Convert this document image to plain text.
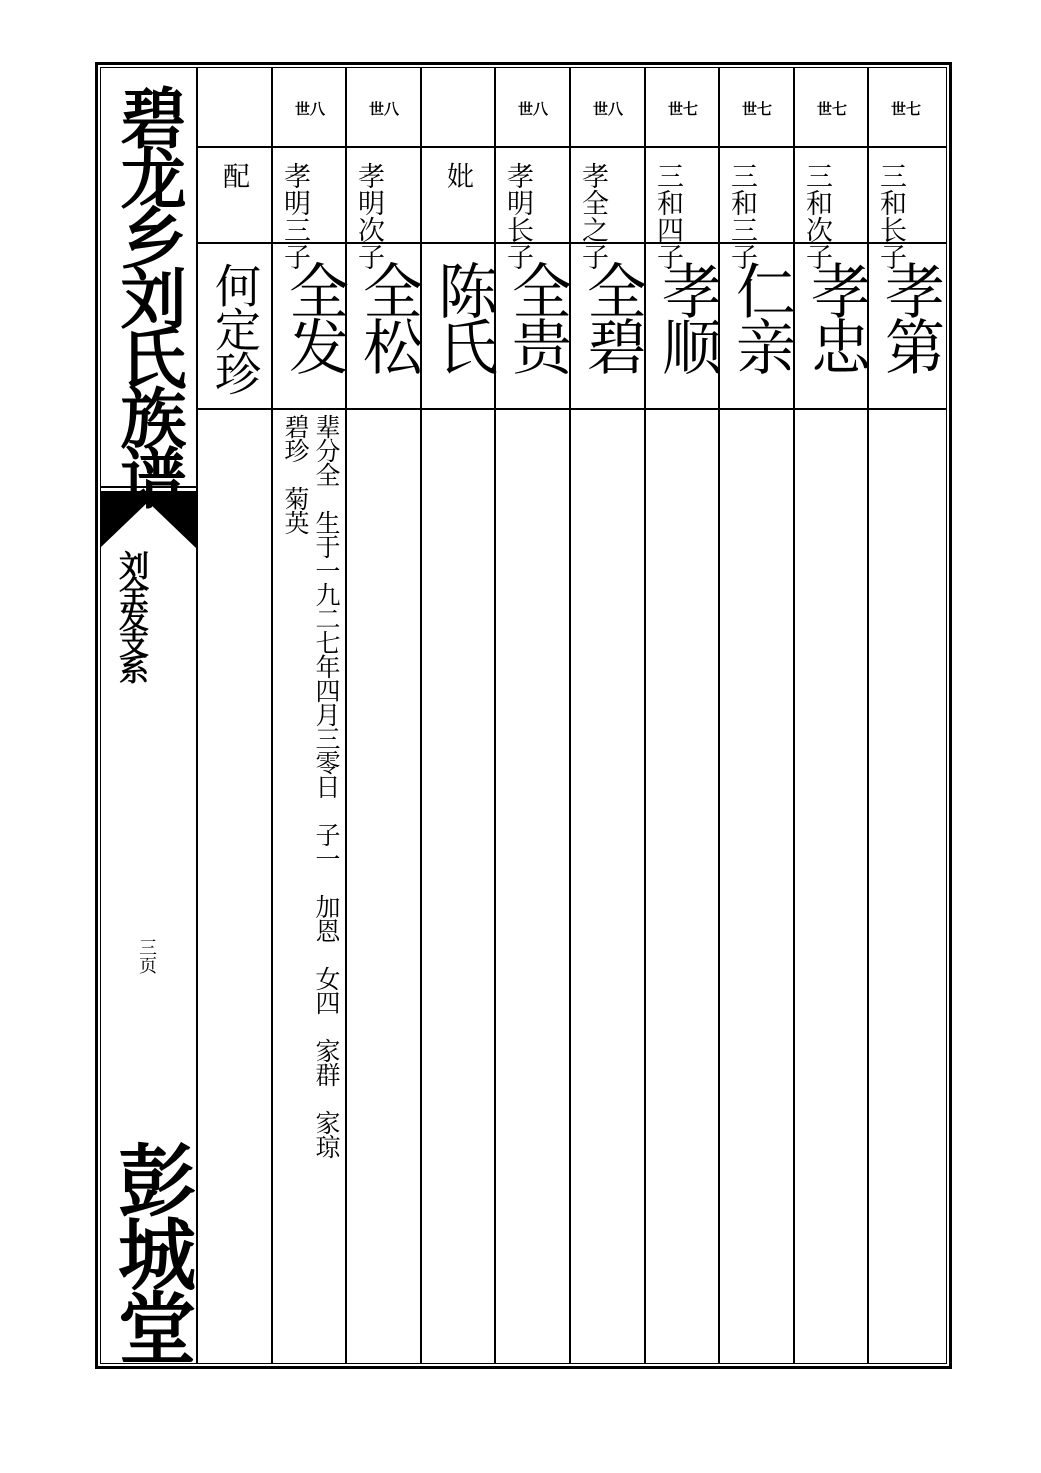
碧龙乡刘氏族谱
刘全发支系
三页
彭城堂
世七
三和长子
孝第
世七
三和次子
孝忠
世七
三和三子
仁亲
世七
三和四子
孝顺
世八
孝全之子
全碧
世八
孝明长子
全贵
妣
陈氏
世八
孝明次子
全松
世八
孝明三子
全发
辈分全　生于一九二七年四月三零日　子一　加恩　女四　家群　家琼
碧珍　菊英
配
何定珍
